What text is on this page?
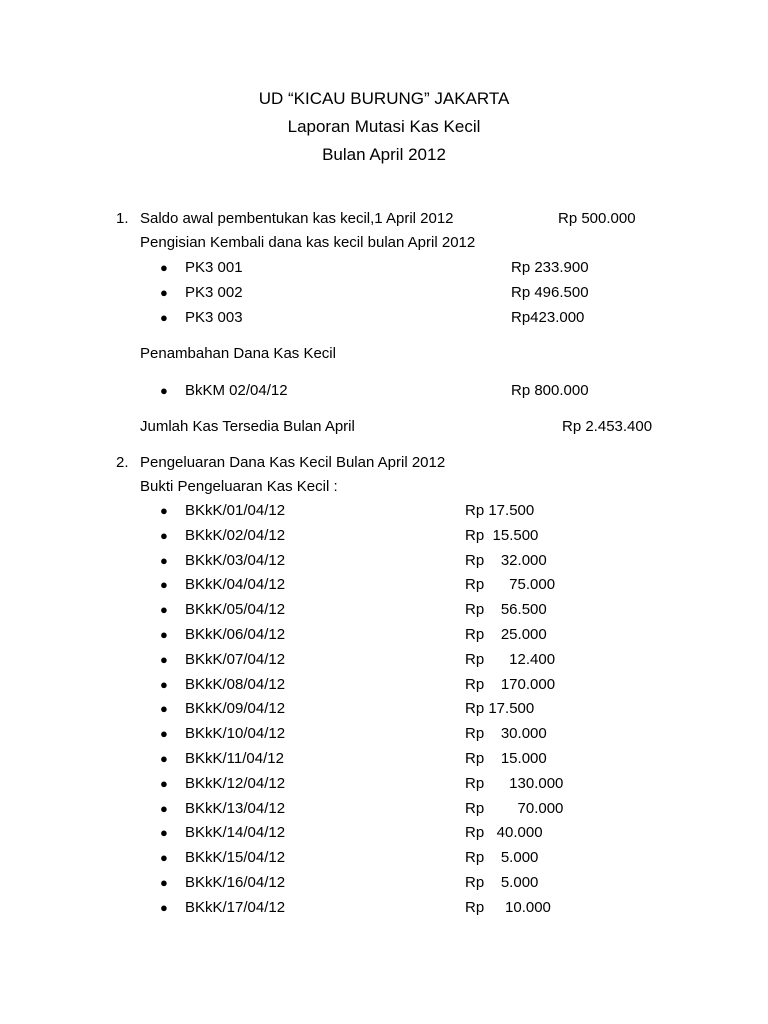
UD “KICAU BURUNG” JAKARTA
Laporan Mutasi Kas Kecil
Bulan April 2012
1. Saldo awal pembentukan kas kecil,1 April 2012	Rp 500.000
Pengisian Kembali dana kas kecil bulan April 2012
● PK3 001	Rp 233.900
● PK3 002	Rp 496.500
● PK3 003	Rp423.000
Penambahan Dana Kas Kecil
● BkKM 02/04/12	Rp 800.000
Jumlah Kas Tersedia Bulan April	Rp 2.453.400
2. Pengeluaran Dana Kas Kecil Bulan April 2012
Bukti Pengeluaran Kas Kecil :
● BKkK/01/04/12	Rp 17.500
● BKkK/02/04/12	Rp  15.500
● BKkK/03/04/12	Rp    32.000
● BKkK/04/04/12	Rp      75.000
● BKkK/05/04/12	Rp    56.500
● BKkK/06/04/12	Rp    25.000
● BKkK/07/04/12	Rp      12.400
● BKkK/08/04/12	Rp    170.000
● BKkK/09/04/12	Rp 17.500
● BKkK/10/04/12	Rp    30.000
● BKkK/11/04/12	Rp    15.000
● BKkK/12/04/12	Rp      130.000
● BKkK/13/04/12	Rp        70.000
● BKkK/14/04/12	Rp   40.000
● BKkK/15/04/12	Rp    5.000
● BKkK/16/04/12	Rp    5.000
● BKkK/17/04/12	Rp     10.000
